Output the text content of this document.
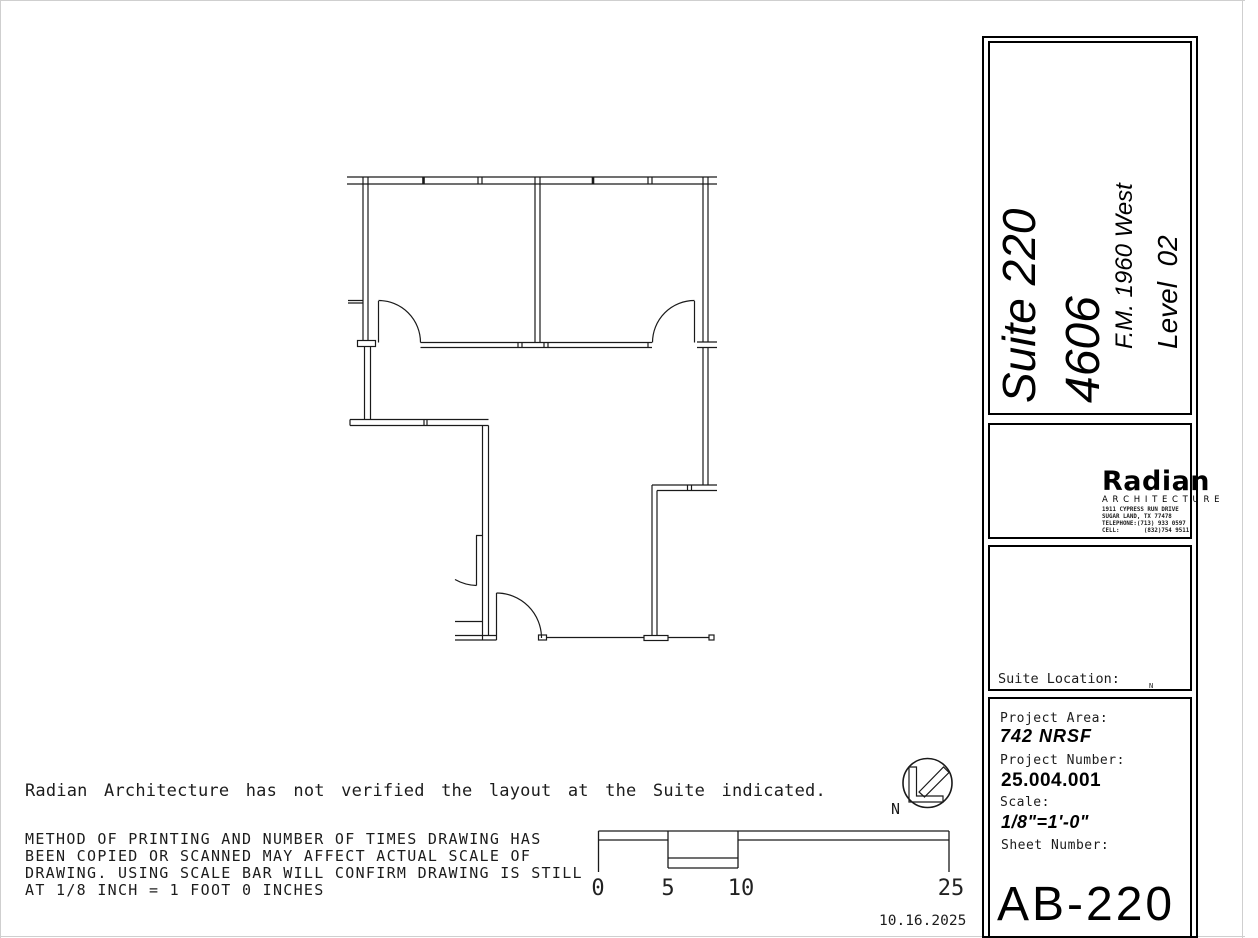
0	5 10	25
Radian Architecture has not verified the layout at the Suite indicated.
METHOD OF PRINTING AND NUMBER OF TIMES DRAWING HAS
BEEN COPIED OR SCANNED MAY AFFECT ACTUAL SCALE OF
DRAWING. USING SCALE BAR WILL CONFIRM DRAWING IS STILL
AT 1/8 INCH = 1 FOOT 0 INCHES
N
10.16.2025
Suite 220 4606
F.M. 1960 West Level  02
Radian
A R C H I T E C T U R E
1911 CYPRESS RUN DRIVE
SUGAR LAND, TX 77478
TELEPHONE:(713) 933 0597
CELL:       (832)754 9511
Suite Location:	N
Project Area:
742 NRSF
Project Number:
25.004.001
Scale:
1/8"=1'-0"
Sheet Number:
AB-220
